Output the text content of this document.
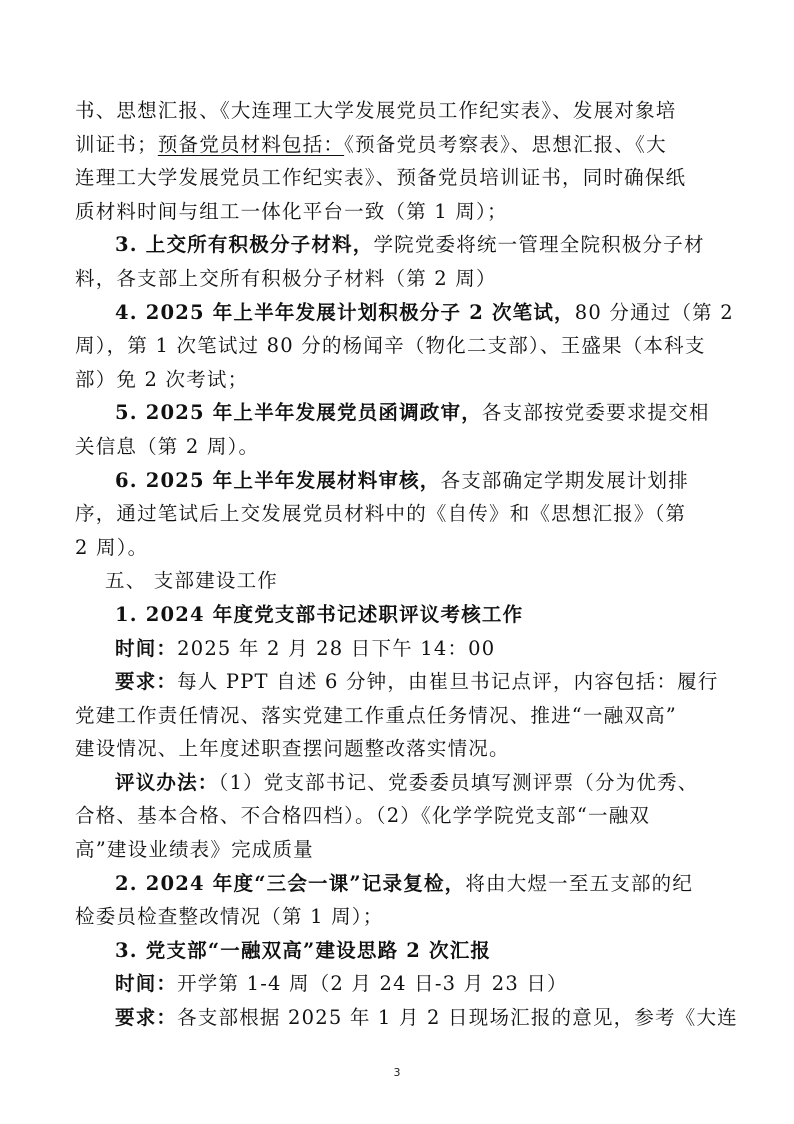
书、思想汇报、《大连理工大学发展党员工作纪实表》、发展对象培

训证书；预备党员材料包括：《预备党员考察表》、思想汇报、《大

连理工大学发展党员工作纪实表》、预备党员培训证书，同时确保纸

质材料时间与组工一体化平台一致（第 1 周）；

3. 上交所有积极分子材料，学院党委将统一管理全院积极分子材

料，各支部上交所有积极分子材料（第 2 周）

4. 2025 年上半年发展计划积极分子 2 次笔试，80 分通过（第 2

周），第 1 次笔试过 80 分的杨闻辛（物化二支部）、王盛果（本科支

部）免 2 次考试；

5. 2025 年上半年发展党员函调政审，各支部按党委要求提交相

关信息（第 2 周）。

6. 2025 年上半年发展材料审核，各支部确定学期发展计划排

序，通过笔试后上交发展党员材料中的《自传》和《思想汇报》（第

2 周）。

五、 支部建设工作

1. 2024 年度党支部书记述职评议考核工作

时间：2025 年 2 月 28 日下午 14：00

要求：每人 PPT 自述 6 分钟，由崔旦书记点评，内容包括：履行

党建工作责任情况、落实党建工作重点任务情况、推进“一融双高”

建设情况、上年度述职查摆问题整改落实情况。

评议办法：（1）党支部书记、党委委员填写测评票（分为优秀、

合格、基本合格、不合格四档）。（2）《化学学院党支部“一融双

高”建设业绩表》完成质量

2. 2024 年度“三会一课”记录复检，将由大煜一至五支部的纪

检委员检查整改情况（第 1 周）；

3. 党支部“一融双高”建设思路 2 次汇报

时间：开学第 1-4 周（2 月 24 日-3 月 23 日）

要求：各支部根据 2025 年 1 月 2 日现场汇报的意见，参考《大连

3
